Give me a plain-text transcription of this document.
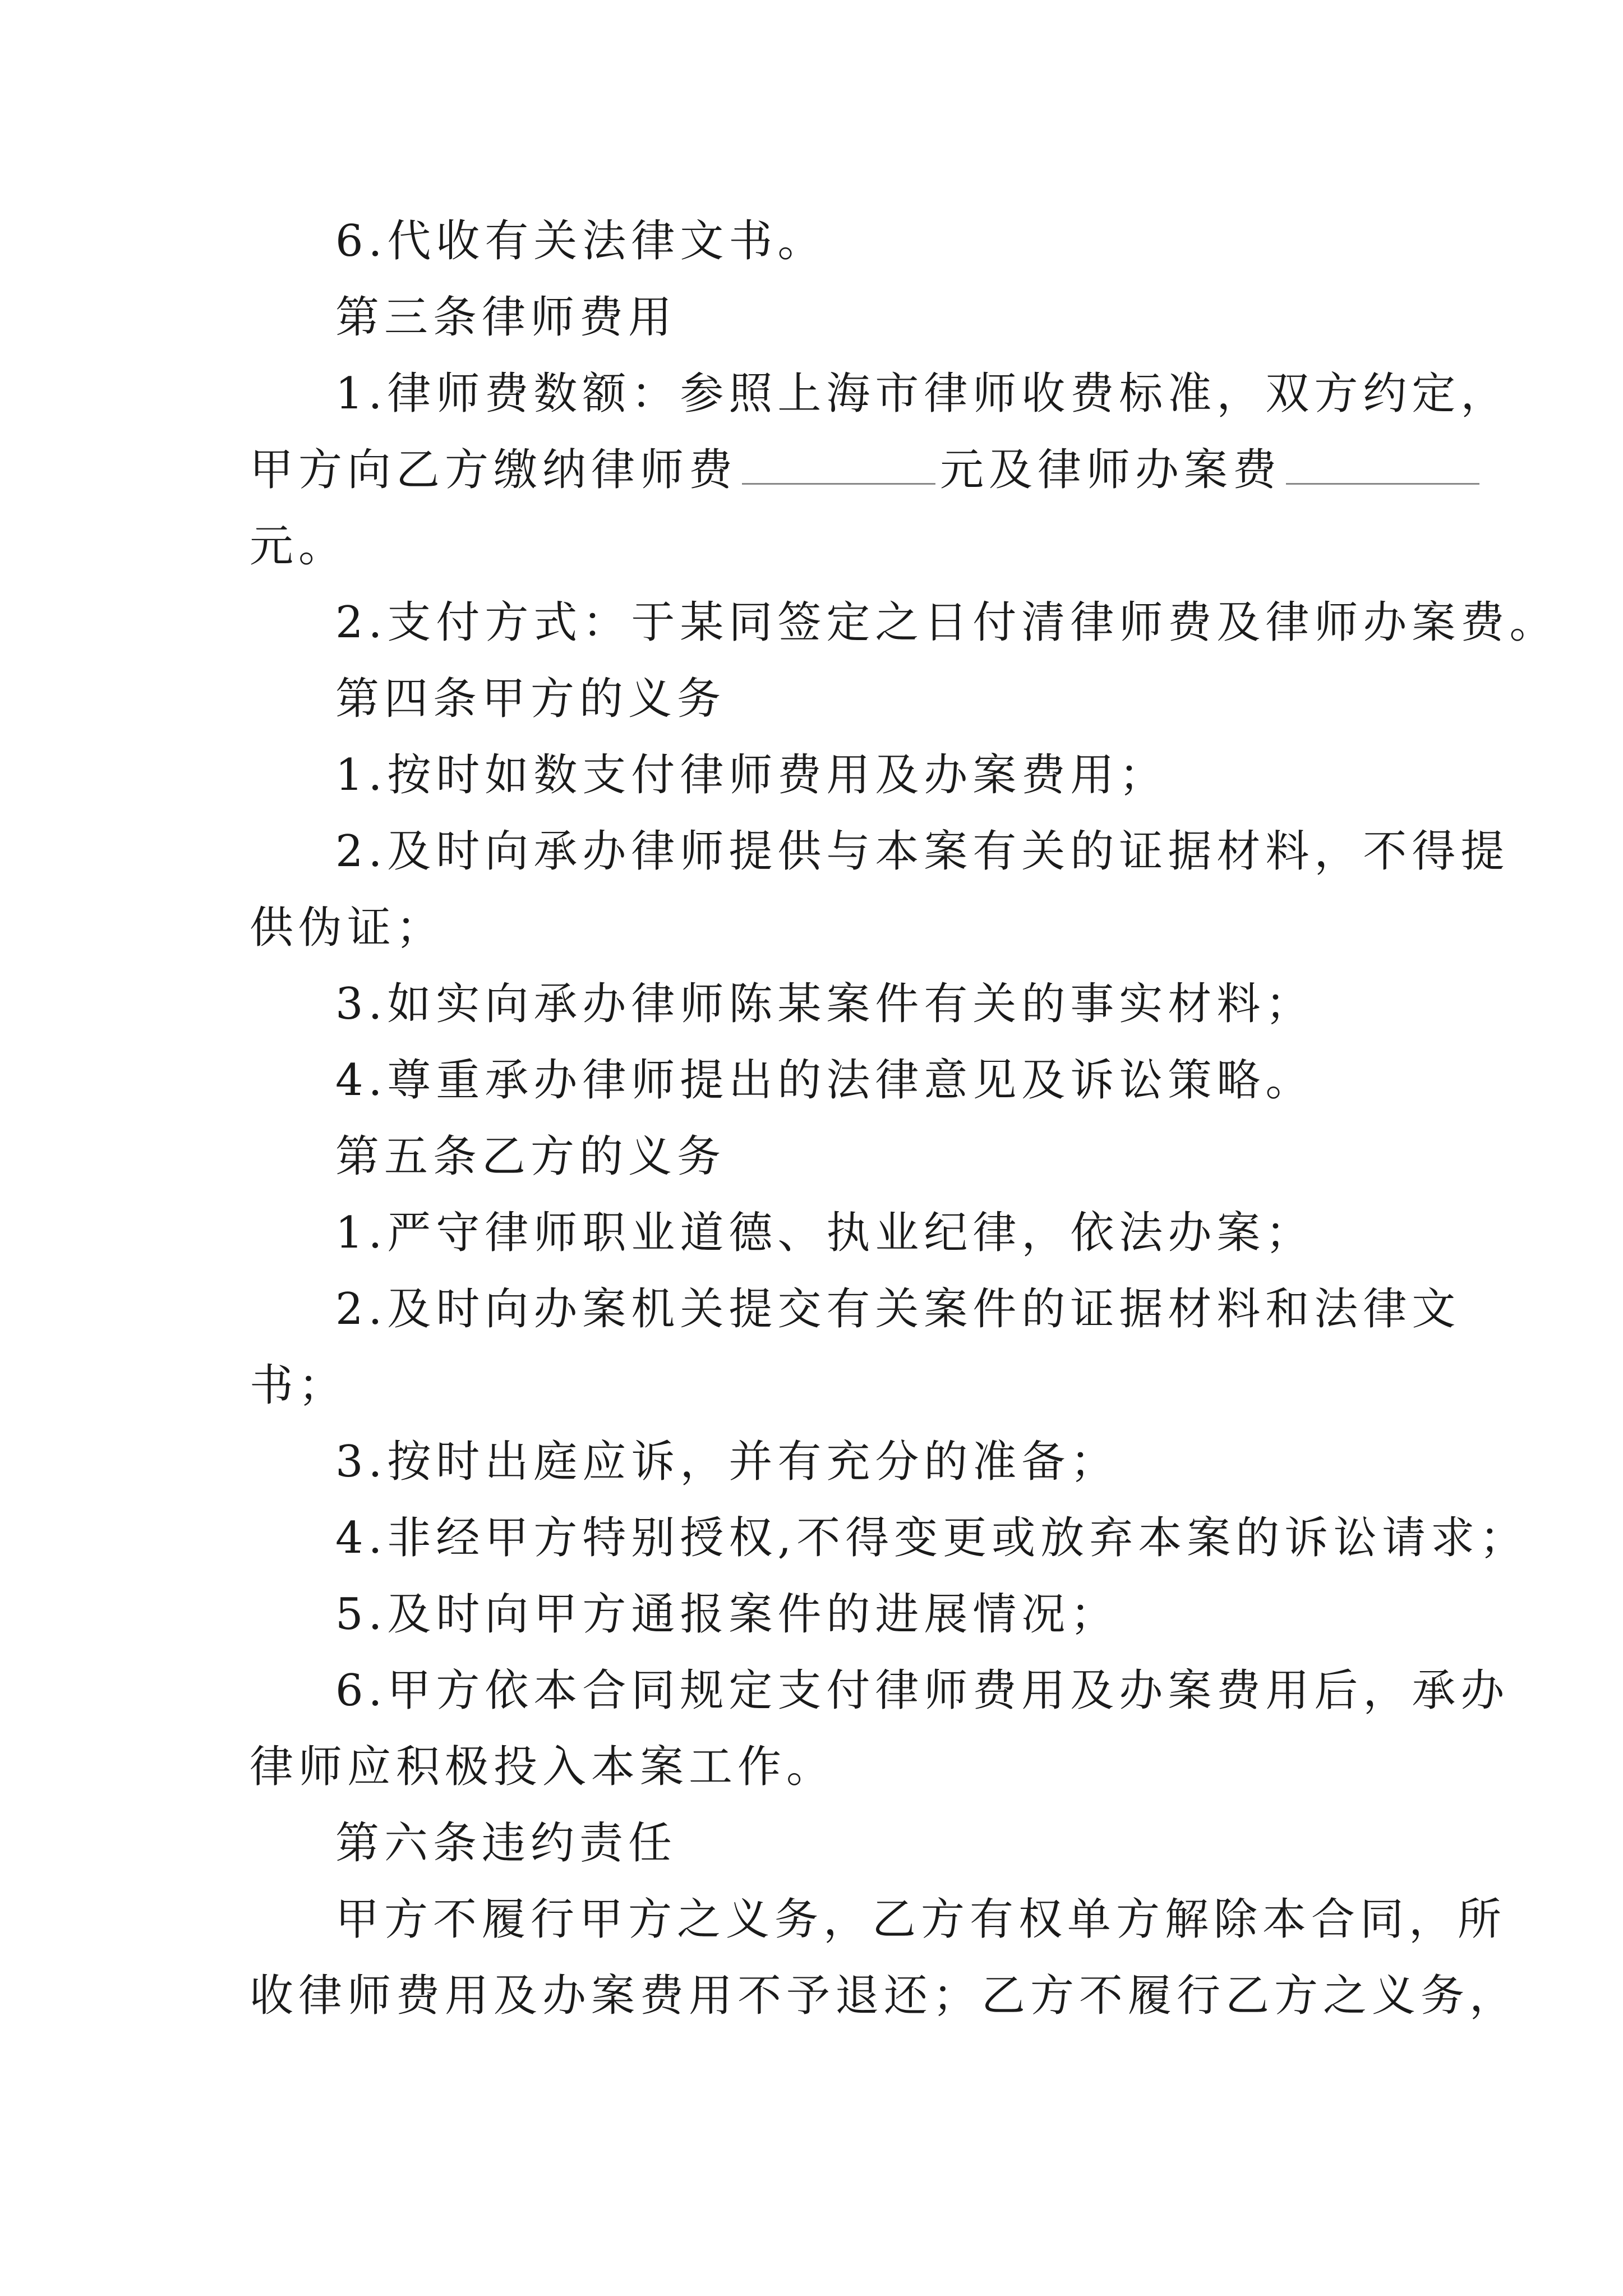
6.代收有关法律文书。
第三条律师费用
1.律师费数额：参照上海市律师收费标准，双方约定，
甲方向乙方缴纳律师费	元及律师办案费
元。
2.支付方式：于某同签定之日付清律师费及律师办案费。
第四条甲方的义务
1.按时如数支付律师费用及办案费用；
2.及时向承办律师提供与本案有关的证据材料，不得提
供伪证；
3.如实向承办律师陈某案件有关的事实材料；
4.尊重承办律师提出的法律意见及诉讼策略。
第五条乙方的义务
1.严守律师职业道德、执业纪律，依法办案；
2.及时向办案机关提交有关案件的证据材料和法律文
书；
3.按时出庭应诉，并有充分的准备；
4.非经甲方特别授权,不得变更或放弃本案的诉讼请求；
5.及时向甲方通报案件的进展情况；
6.甲方依本合同规定支付律师费用及办案费用后，承办
律师应积极投入本案工作。
第六条违约责任
甲方不履行甲方之义务，乙方有权单方解除本合同，所
收律师费用及办案费用不予退还；乙方不履行乙方之义务，
